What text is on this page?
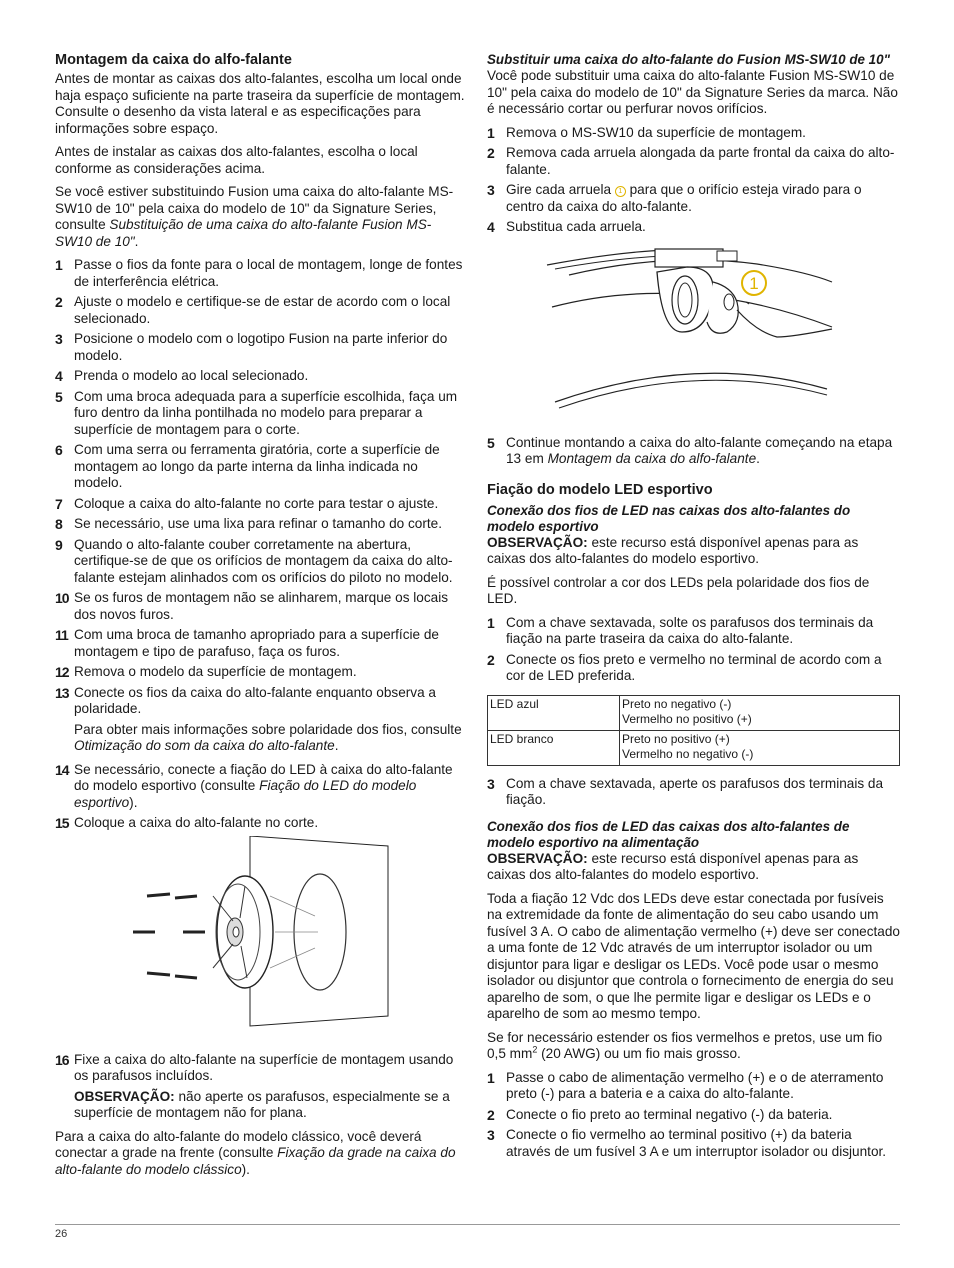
Montagem da caixa do alfo-falante

Antes de montar as caixas dos alto-falantes, escolha um local onde haja espaço suficiente na parte traseira da superfície de montagem. Consulte o desenho da vista lateral e as especificações para informações sobre espaço.

Antes de instalar as caixas dos alto-falantes, escolha o local conforme as considerações acima.

Se você estiver substituindo Fusion uma caixa do alto-falante MS-SW10 de 10" pela caixa do modelo de 10" da Signature Series, consulte Substituição de uma caixa do alto-falante Fusion MS-SW10 de 10".

1 Passe o fios da fonte para o local de montagem, longe de fontes de interferência elétrica.
2 Ajuste o modelo e certifique-se de estar de acordo com o local selecionado.
3 Posicione o modelo com o logotipo Fusion na parte inferior do modelo.
4 Prenda o modelo ao local selecionado.
5 Com uma broca adequada para a superfície escolhida, faça um furo dentro da linha pontilhada no modelo para preparar a superfície de montagem para o corte.
6 Com uma serra ou ferramenta giratória, corte a superfície de montagem ao longo da parte interna da linha indicada no modelo.
7 Coloque a caixa do alto-falante no corte para testar o ajuste.
8 Se necessário, use uma lixa para refinar o tamanho do corte.
9 Quando o alto-falante couber corretamente na abertura, certifique-se de que os orifícios de montagem da caixa do alto-falante estejam alinhados com os orifícios do piloto no modelo.
10 Se os furos de montagem não se alinharem, marque os locais dos novos furos.
11 Com uma broca de tamanho apropriado para a superfície de montagem e tipo de parafuso, faça os furos.
12 Remova o modelo da superfície de montagem.
13 Conecte os fios da caixa do alto-falante enquanto observa a polaridade.

Para obter mais informações sobre polaridade dos fios, consulte Otimização do som da caixa do alto-falante.

14 Se necessário, conecte a fiação do LED à caixa do alto-falante do modelo esportivo (consulte Fiação do LED do modelo esportivo).
15 Coloque a caixa do alto-falante no corte.
16 Fixe a caixa do alto-falante na superfície de montagem usando os parafusos incluídos.

OBSERVAÇÃO: não aperte os parafusos, especialmente se a superfície de montagem não for plana.

Para a caixa do alto-falante do modelo clássico, você deverá conectar a grade na frente (consulte Fixação da grade na caixa do alto-falante do modelo clássico).

Substituir uma caixa do alto-falante do Fusion MS-SW10 de 10"

Você pode substituir uma caixa do alto-falante Fusion MS-SW10 de 10" pela caixa do modelo de 10" da Signature Series da marca. Não é necessário cortar ou perfurar novos orifícios.

1 Remova o MS-SW10 da superfície de montagem.
2 Remova cada arruela alongada da parte frontal da caixa do alto-falante.
3 Gire cada arruela 1 para que o orifício esteja virado para o centro da caixa do alto-falante.
4 Substitua cada arruela.
1
5 Continue montando a caixa do alto-falante começando na etapa 13 em Montagem da caixa do alfo-falante.
Fiação do modelo LED esportivo
Conexão dos fios de LED nas caixas dos alto-falantes do modelo esportivo

OBSERVAÇÃO: este recurso está disponível apenas para as caixas dos alto-falantes do modelo esportivo.

É possível controlar a cor dos LEDs pela polaridade dos fios de LED.

1 Com a chave sextavada, solte os parafusos dos terminais da fiação na parte traseira da caixa do alto-falante.
2 Conecte os fios preto e vermelho no terminal de acordo com a cor de LED preferida.
LED azul	Preto no negativo (-)
Vermelho no positivo (+)

LED branco	Preto no positivo (+)
Vermelho no negativo (-)
3 Com a chave sextavada, aperte os parafusos dos terminais da fiação.
Conexão dos fios de LED das caixas dos alto-falantes de modelo esportivo na alimentação

OBSERVAÇÃO: este recurso está disponível apenas para as caixas dos alto-falantes do modelo esportivo.

Toda a fiação 12 Vdc dos LEDs deve estar conectada por fusíveis na extremidade da fonte de alimentação do seu cabo usando um fusível 3 A. O cabo de alimentação vermelho (+) deve ser conectado a uma fonte de 12 Vdc através de um interruptor isolador ou um disjuntor para ligar e desligar os LEDs. Você pode usar o mesmo isolador ou disjuntor que controla o fornecimento de energia do seu aparelho de som, o que lhe permite ligar e desligar os LEDs e o aparelho de som ao mesmo tempo.

Se for necessário estender os fios vermelhos e pretos, use um fio 0,5 $mm^2$ (20 AWG) ou um fio mais grosso.

1 Passe o cabo de alimentação vermelho (+) e o de aterramento preto (-) para a bateria e a caixa do alto-falante.
2 Conecte o fio preto ao terminal negativo (-) da bateria.
3 Conecte o fio vermelho ao terminal positivo (+) da bateria através de um fusível 3 A e um interruptor isolador ou disjuntor.
26
